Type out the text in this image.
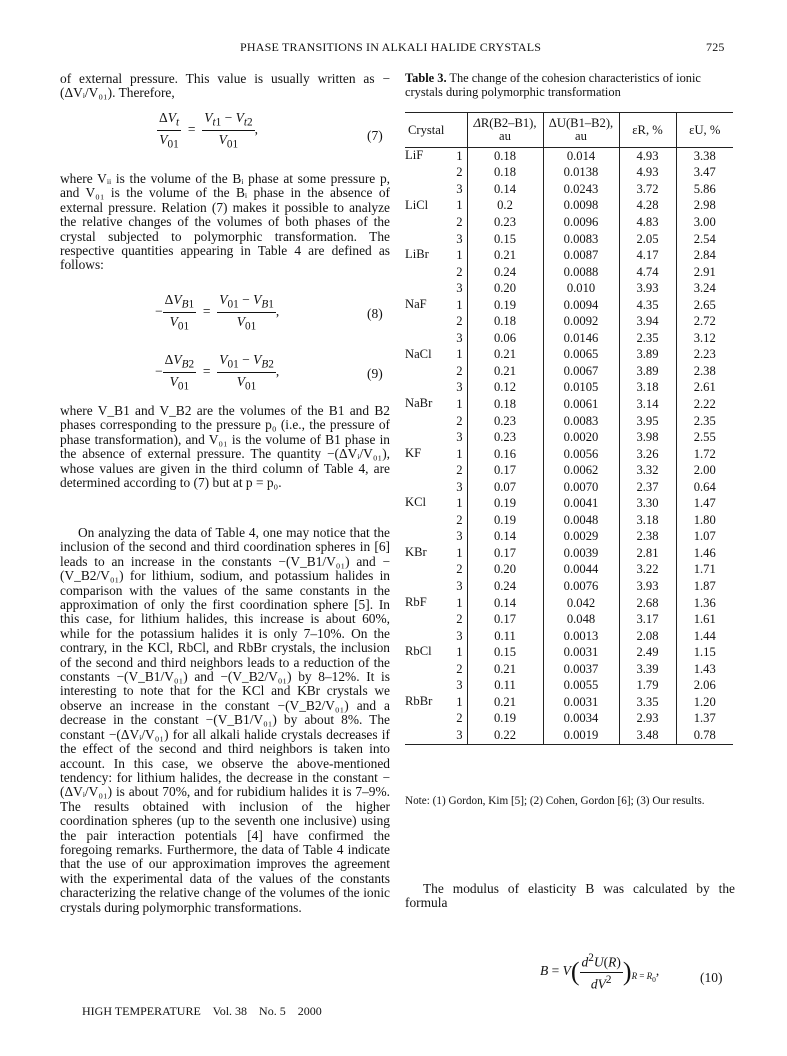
PHASE TRANSITIONS IN ALKALI HALIDE CRYSTALS	725

of external pressure. This value is usually written as −(ΔVᵢ/V₀₁). Therefore,

$\frac{\Delta V_t}{V_{01}} = \frac{V_{t1} - V_{t2}}{V_{01}}$ ,	(7)

where Vᵢᵢ is the volume of the Bᵢ phase at some pressure p, and V₀₁ is the volume of the Bᵢ phase in the absence of external pressure. Relation (7) makes it possible to analyze the relative changes of the volumes of both phases of the crystal subjected to polymorphic transformation. The respective quantities appearing in Table 4 are defined as follows:

− $\frac{\Delta V_{B1}}{V_{01}} = \frac{V_{01} - V_{B1}}{V_{01}}$ ,	(8)
− $\frac{\Delta V_{B2}}{V_{01}} = \frac{V_{01} - V_{B2}}{V_{01}}$ ,	(9)

where V_B1 and V_B2 are the volumes of the B1 and B2 phases corresponding to the pressure p₀ (i.e., the pressure of phase transformation), and V₀₁ is the volume of B1 phase in the absence of external pressure. The quantity −(ΔVᵢ/V₀₁), whose values are given in the third column of Table 4, are determined according to (7) but at p = p₀.

On analyzing the data of Table 4, one may notice that the inclusion of the second and third coordination spheres in [6] leads to an increase in the constants −(V_B1/V₀₁) and −(V_B2/V₀₁) for lithium, sodium, and potassium halides in comparison with the values of the same constants in the approximation of only the first coordination sphere [5]. In this case, for lithium halides, this increase is about 60%, while for the potassium halides it is only 7–10%. On the contrary, in the KCl, RbCl, and RbBr crystals, the inclusion of the second and third neighbors leads to a reduction of the constants −(V_B1/V₀₁) and −(V_B2/V₀₁) by 8–12%. It is interesting to note that for the KCl and KBr crystals we observe an increase in the constant −(V_B2/V₀₁) and a decrease in the constant −(V_B1/V₀₁) by about 8%. The constant −(ΔVᵢ/V₀₁) for all alkali halide crystals decreases if the effect of the second and third neighbors is taken into account. In this case, we observe the above-mentioned tendency: for lithium halides, the decrease in the constant −(ΔVᵢ/V₀₁) is about 70%, and for rubidium halides it is 7–9%. The results obtained with inclusion of the higher coordination spheres (up to the seventh one inclusive) using the pair interaction potentials [4] have confirmed the foregoing remarks. Furthermore, the data of Table 4 indicate that the use of our approximation improves the agreement with the experimental data of the values of the constants characterizing the relative change of the volumes of the ionic crystals during polymorphic transformations.

Table 3. The change of the cohesion characteristics of ionic crystals during polymorphic transformation
Crystal		ΔR(B2–B1), au	ΔU(B1–B2), au	εR, %	εU, %
LiF	1	0.18	0.014	4.93	3.38
	2	0.18	0.0138	4.93	3.47
	3	0.14	0.0243	3.72	5.86
LiCl	1	0.2	0.0098	4.28	2.98
	2	0.23	0.0096	4.83	3.00
	3	0.15	0.0083	2.05	2.54
LiBr	1	0.21	0.0087	4.17	2.84
	2	0.24	0.0088	4.74	2.91
	3	0.20	0.010	3.93	3.24
NaF	1	0.19	0.0094	4.35	2.65
	2	0.18	0.0092	3.94	2.72
	3	0.06	0.0146	2.35	3.12
NaCl	1	0.21	0.0065	3.89	2.23
	2	0.21	0.0067	3.89	2.38
	3	0.12	0.0105	3.18	2.61
NaBr	1	0.18	0.0061	3.14	2.22
	2	0.23	0.0083	3.95	2.35
	3	0.23	0.0020	3.98	2.55
KF	1	0.16	0.0056	3.26	1.72
	2	0.17	0.0062	3.32	2.00
	3	0.07	0.0070	2.37	0.64
KCl	1	0.19	0.0041	3.30	1.47
	2	0.19	0.0048	3.18	1.80
	3	0.14	0.0029	2.38	1.07
KBr	1	0.17	0.0039	2.81	1.46
	2	0.20	0.0044	3.22	1.71
	3	0.24	0.0076	3.93	1.87
RbF	1	0.14	0.042	2.68	1.36
	2	0.17	0.048	3.17	1.61
	3	0.11	0.0013	2.08	1.44
RbCl	1	0.15	0.0031	2.49	1.15
	2	0.21	0.0037	3.39	1.43
	3	0.11	0.0055	1.79	2.06
RbBr	1	0.21	0.0031	3.35	1.20
	2	0.19	0.0034	2.93	1.37
	3	0.22	0.0019	3.48	0.78
Note: (1) Gordon, Kim [5]; (2) Cohen, Gordon [6]; (3) Our results.

The modulus of elasticity B was calculated by the formula

$B = V( \frac{d^2U(R)}{dV^2} )_{R = R_0}$,	(10)
HIGH TEMPERATURE Vol. 38 No. 5 2000
